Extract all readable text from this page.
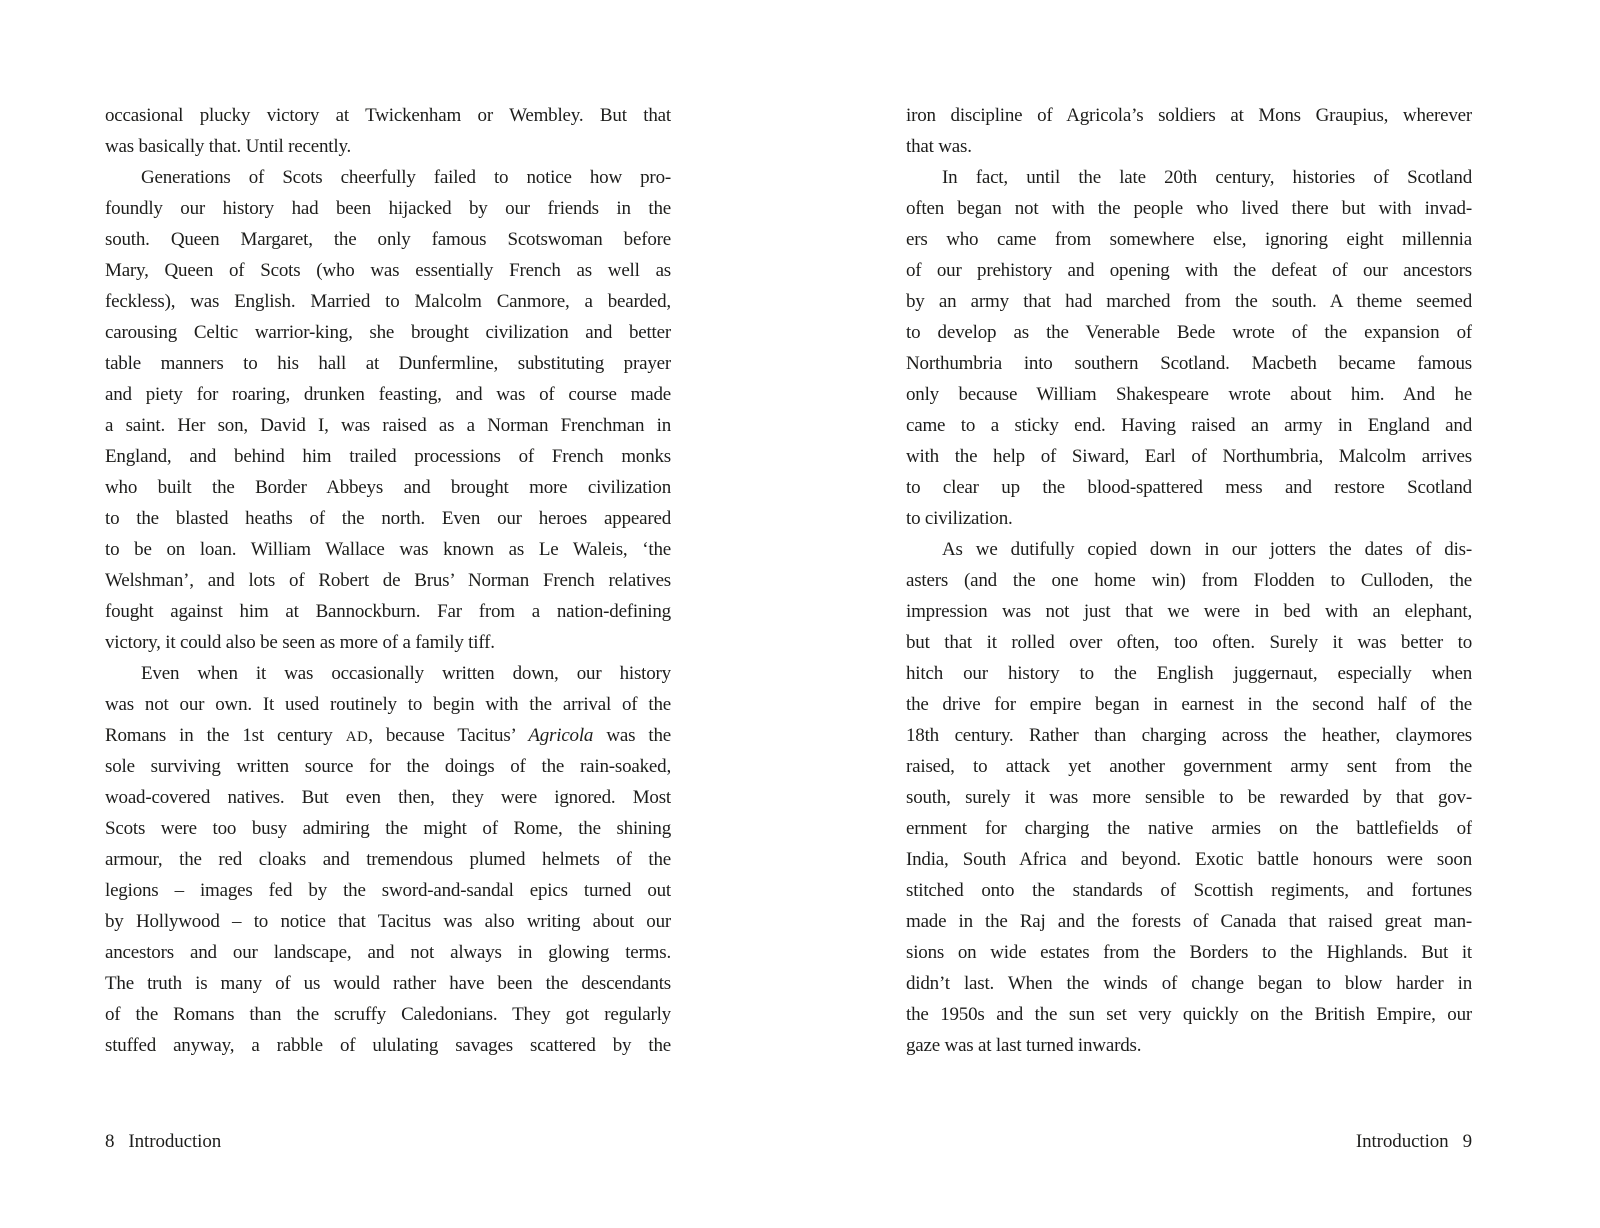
occasional plucky victory at Twickenham or Wembley. But that
was basically that. Until recently.
Generations of Scots cheerfully failed to notice how pro-
foundly our history had been hijacked by our friends in the
south. Queen Margaret, the only famous Scotswoman before
Mary, Queen of Scots (who was essentially French as well as
feckless), was English. Married to Malcolm Canmore, a bearded,
carousing Celtic warrior-king, she brought civilization and better
table manners to his hall at Dunfermline, substituting prayer
and piety for roaring, drunken feasting, and was of course made
a saint. Her son, David I, was raised as a Norman Frenchman in
England, and behind him trailed processions of French monks
who built the Border Abbeys and brought more civilization
to the blasted heaths of the north. Even our heroes appeared
to be on loan. William Wallace was known as Le Waleis, ‘the
Welshman’, and lots of Robert de Brus’ Norman French relatives
fought against him at Bannockburn. Far from a nation-defining
victory, it could also be seen as more of a family tiff.
Even when it was occasionally written down, our history
was not our own. It used routinely to begin with the arrival of the
Romans in the 1st century AD, because Tacitus’ Agricola was the
sole surviving written source for the doings of the rain-soaked,
woad-covered natives. But even then, they were ignored. Most
Scots were too busy admiring the might of Rome, the shining
armour, the red cloaks and tremendous plumed helmets of the
legions – images fed by the sword-and-sandal epics turned out
by Hollywood – to notice that Tacitus was also writing about our
ancestors and our landscape, and not always in glowing terms.
The truth is many of us would rather have been the descendants
of the Romans than the scruffy Caledonians. They got regularly
stuffed anyway, a rabble of ululating savages scattered by the
8 Introduction
iron discipline of Agricola’s soldiers at Mons Graupius, wherever
that was.
In fact, until the late 20th century, histories of Scotland
often began not with the people who lived there but with invad-
ers who came from somewhere else, ignoring eight millennia
of our prehistory and opening with the defeat of our ancestors
by an army that had marched from the south. A theme seemed
to develop as the Venerable Bede wrote of the expansion of
Northumbria into southern Scotland. Macbeth became famous
only because William Shakespeare wrote about him. And he
came to a sticky end. Having raised an army in England and
with the help of Siward, Earl of Northumbria, Malcolm arrives
to clear up the blood-spattered mess and restore Scotland
to civilization.
As we dutifully copied down in our jotters the dates of dis-
asters (and the one home win) from Flodden to Culloden, the
impression was not just that we were in bed with an elephant,
but that it rolled over often, too often. Surely it was better to
hitch our history to the English juggernaut, especially when
the drive for empire began in earnest in the second half of the
18th century. Rather than charging across the heather, claymores
raised, to attack yet another government army sent from the
south, surely it was more sensible to be rewarded by that gov-
ernment for charging the native armies on the battlefields of
India, South Africa and beyond. Exotic battle honours were soon
stitched onto the standards of Scottish regiments, and fortunes
made in the Raj and the forests of Canada that raised great man-
sions on wide estates from the Borders to the Highlands. But it
didn’t last. When the winds of change began to blow harder in
the 1950s and the sun set very quickly on the British Empire, our
gaze was at last turned inwards.
Introduction 9
